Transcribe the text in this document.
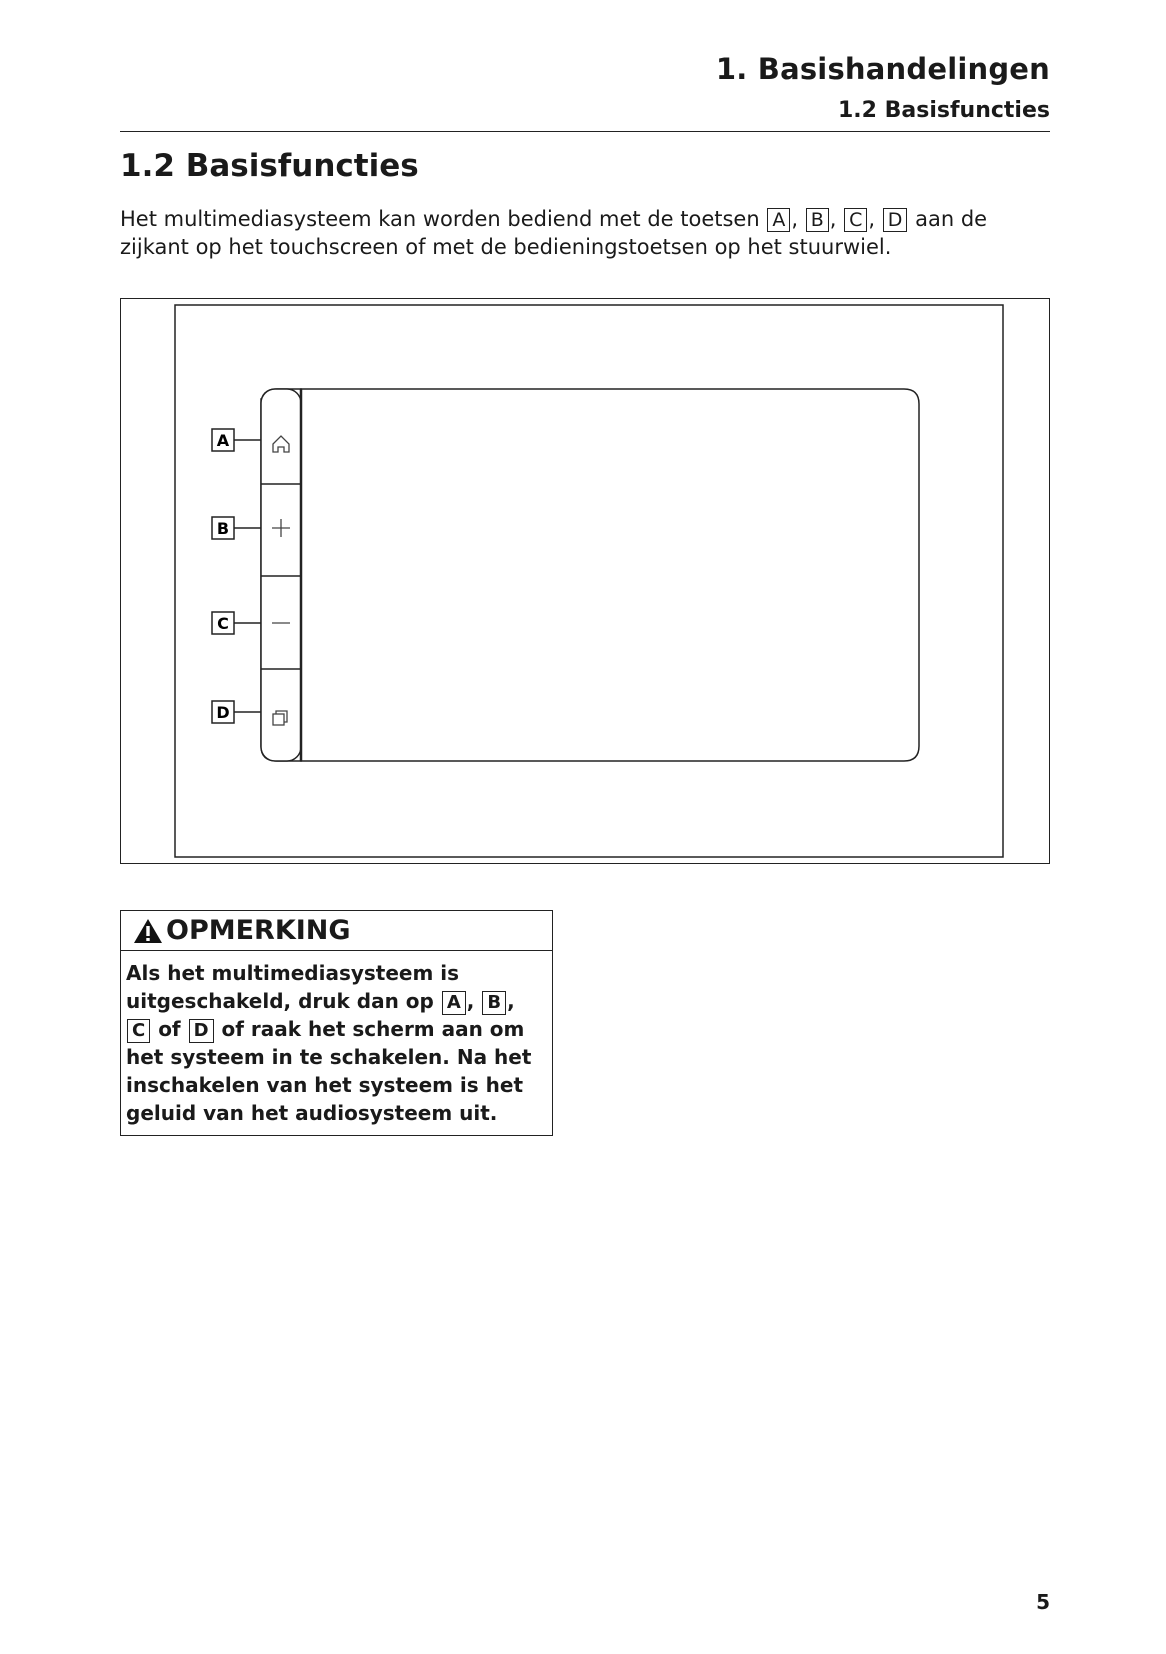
1. Basishandelingen
1.2 Basisfuncties
1.2 Basisfuncties
Het multimediasysteem kan worden bediend met de toetsen A , B , C , D aan de zijkant op het touchscreen of met de bedieningstoetsen op het stuurwiel.
A
B
C
D
OPMERKING
Als het multimediasysteem is uitgeschakeld, druk dan op A , B , C of D of raak het scherm aan om het systeem in te schakelen. Na het inschakelen van het systeem is het geluid van het audiosysteem uit.
5
